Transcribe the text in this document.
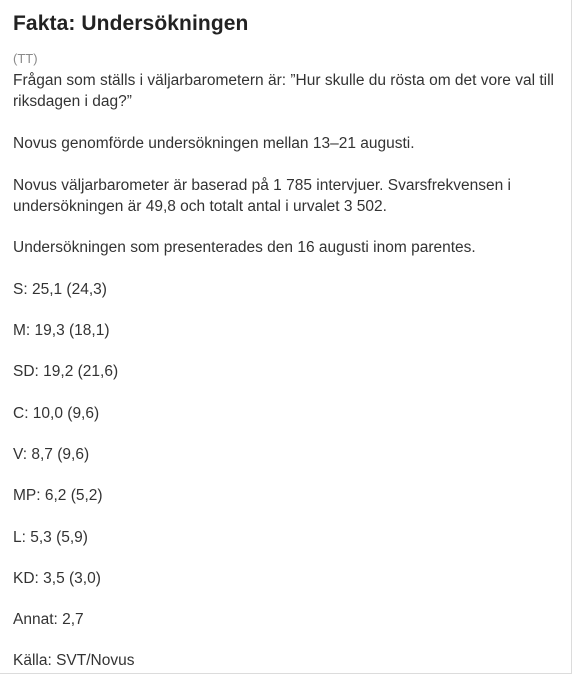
Fakta: Undersökningen
(TT)

Frågan som ställs i väljarbarometern är: ”Hur skulle du rösta om det vore val till riksdagen i dag?”

Novus genomförde undersökningen mellan 13–21 augusti.

Novus väljarbarometer är baserad på 1 785 intervjuer. Svarsfrekvensen i undersökningen är 49,8 och totalt antal i urvalet 3 502.

Undersökningen som presenterades den 16 augusti inom parentes.

S: 25,1 (24,3)

M: 19,3 (18,1)

SD: 19,2 (21,6)

C: 10,0 (9,6)

V: 8,7 (9,6)

MP: 6,2 (5,2)

L: 5,3 (5,9)

KD: 3,5 (3,0)

Annat: 2,7

Källa: SVT/Novus
